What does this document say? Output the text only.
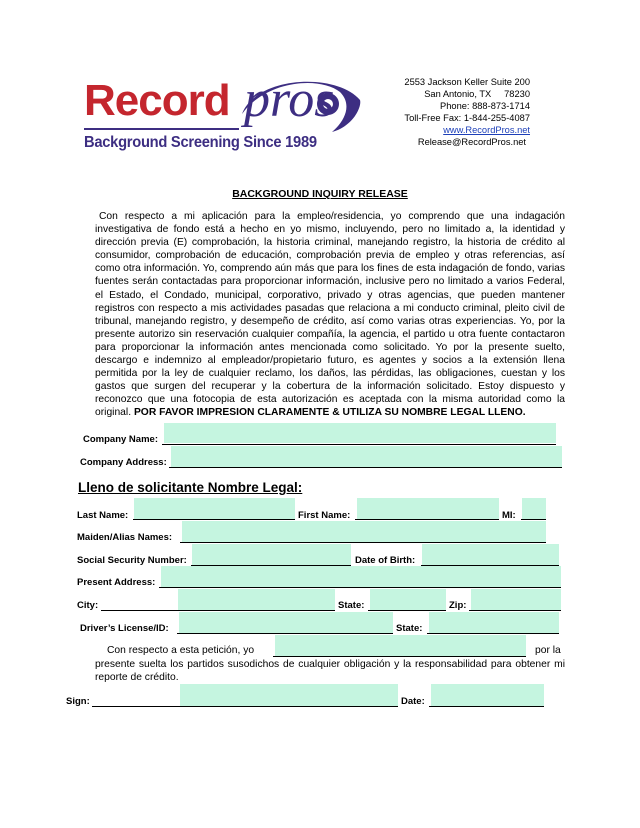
Record pros
Background Screening Since 1989
2553 Jackson Keller Suite 200
San Antonio, TX     78230
Phone: 888-873-1714
Toll-Free Fax: 1-844-255-4087
www.RecordPros.net
Release@RecordPros.net
BACKGROUND INQUIRY RELEASE
Con respecto a mi aplicación para la empleo/residencia, yo comprendo que una indagación investigativa de fondo está a hecho en yo mismo, incluyendo, pero no limitado a, la identidad y dirección previa (E) comprobación, la historia criminal, manejando registro, la historia de crédito al consumidor, comprobación de educación, comprobación previa de empleo y otras referencias, así como otra información. Yo, comprendo aún más que para los fines de esta indagación de fondo, varias fuentes serán contactadas para proporcionar información, inclusive pero no limitado a varios Federal, el Estado, el Condado, municipal, corporativo, privado y otras agencias, que pueden mantener registros con respecto a mis actividades pasadas que relaciona a mi conducto criminal, pleito civil de tribunal, manejando registro, y desempeño de crédito, así como varias otras experiencias. Yo, por la presente autorizo sin reservación cualquier compañía, la agencia, el partido u otra fuente contactaron para proporcionar la información antes mencionada como solicitado. Yo por la presente suelto, descargo e indemnizo al empleador/propietario futuro, es agentes y socios a la extensión llena permitida por la ley de cualquier reclamo, los daños, las pérdidas, las obligaciones, cuestan y los gastos que surgen del recuperar y la cobertura de la información solicitado. Estoy dispuesto y reconozco que una fotocopia de esta autorización es aceptada con la misma autoridad como la original. POR FAVOR IMPRESION CLARAMENTE & UTILIZA SU NOMBRE LEGAL LLENO.
Company Name:
Company Address:
Lleno de solicitante Nombre Legal:
Last Name:	First Name:	MI:
Maiden/Alias Names:
Social Security Number:	Date of Birth:
Present Address:
City:	State:	Zip:
Driver’s License/ID:	State:
Con respecto a esta petición, yo	por la
presente suelta los partidos susodichos de cualquier obligación y la responsabilidad para obtener mi reporte de crédito.
Sign:	Date:
